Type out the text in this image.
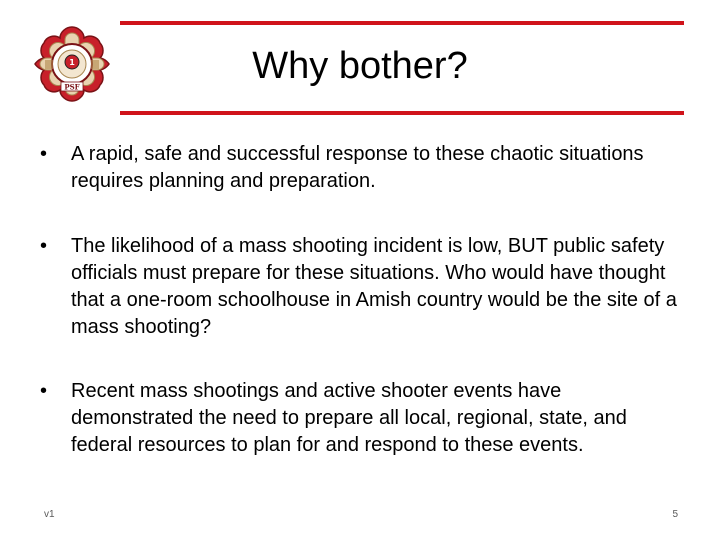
1
PSF	Why bother?
• A rapid, safe and successful response to these chaotic situations requires planning and preparation.
• The likelihood of a mass shooting incident is low, BUT public safety officials must prepare for these situations. Who would have thought that a one-room schoolhouse in Amish country would be the site of a mass shooting?
• Recent mass shootings and active shooter events have demonstrated the need to prepare all local, regional, state, and federal resources to plan for and respond to these events.
v1	5
